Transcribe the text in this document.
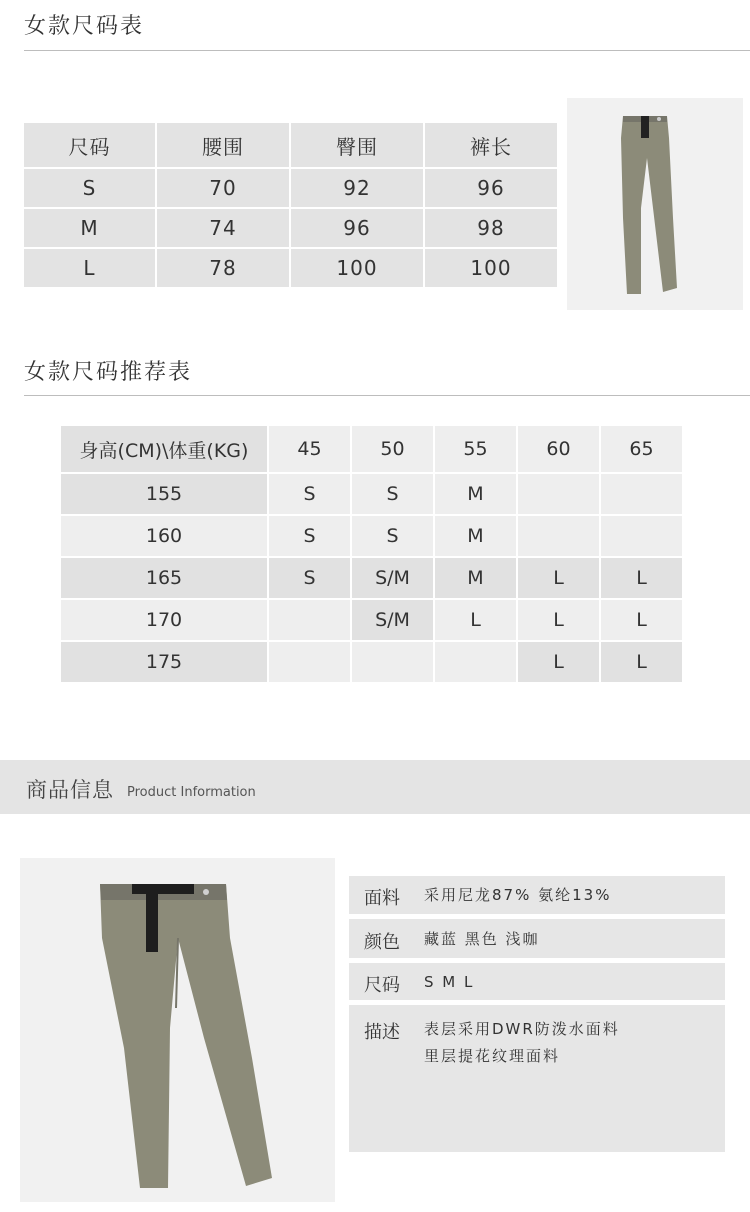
女款尺码表
尺码	腰围	臀围	裤长
S	70	92	96
M	74	96	98
L	78	100	100
女款尺码推荐表
身高(CM)\体重(KG)	45	50	55	60	65
155	S	S	M		
160	S	S	M		
165	S	S/M	M	L	L
170		S/M	L	L	L
175				L	L
商品信息 Product Information
面料 采用尼龙87% 氨纶13%
颜色 藏蓝 黑色 浅咖
尺码 S M L
描述 表层采用DWR防泼水面料
里层提花纹理面料
